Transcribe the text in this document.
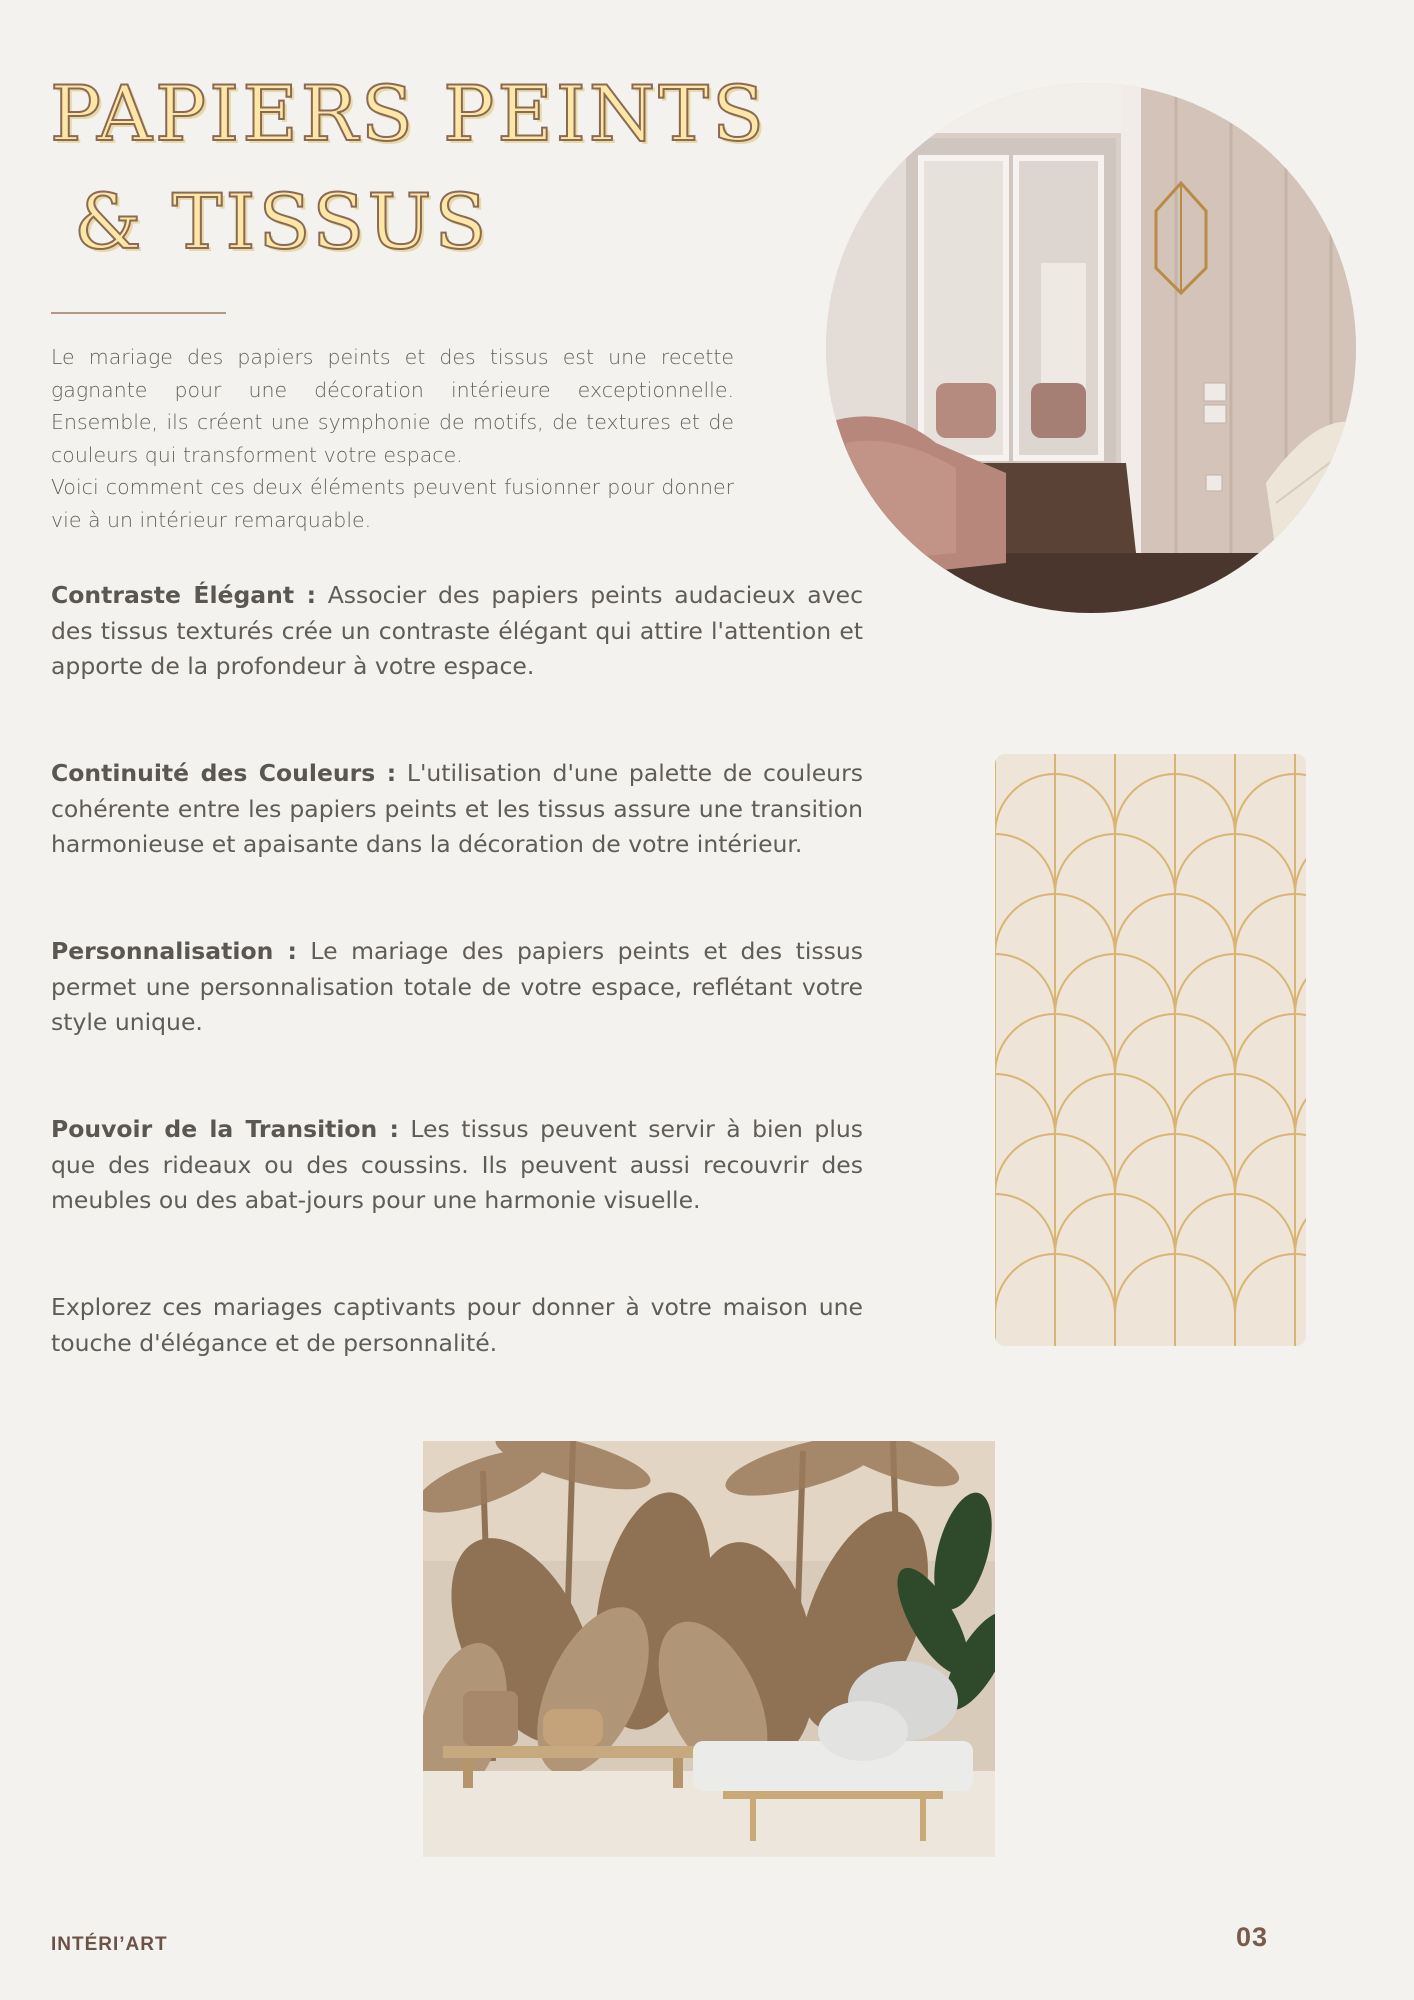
PAPIERS PEINTS
& TISSUS

Le mariage des papiers peints et des tissus est une recette gagnante pour une décoration intérieure exceptionnelle. Ensemble, ils créent une symphonie de motifs, de textures et de couleurs qui transforment votre espace.

Voici comment ces deux éléments peuvent fusionner pour donner vie à un intérieur remarquable.

Contraste Élégant : Associer des papiers peints audacieux avec des tissus texturés crée un contraste élégant qui attire l'attention et apporte de la profondeur à votre espace.
Continuité des Couleurs : L'utilisation d'une palette de couleurs cohérente entre les papiers peints et les tissus assure une transition harmonieuse et apaisante dans la décoration de votre intérieur.
Personnalisation : Le mariage des papiers peints et des tissus permet une personnalisation totale de votre espace, reflétant votre style unique.
Pouvoir de la Transition : Les tissus peuvent servir à bien plus que des rideaux ou des coussins. Ils peuvent aussi recouvrir des meubles ou des abat-jours pour une harmonie visuelle.
Explorez ces mariages captivants pour donner à votre maison une touche d'élégance et de personnalité.
INTÉRI’ART	03
